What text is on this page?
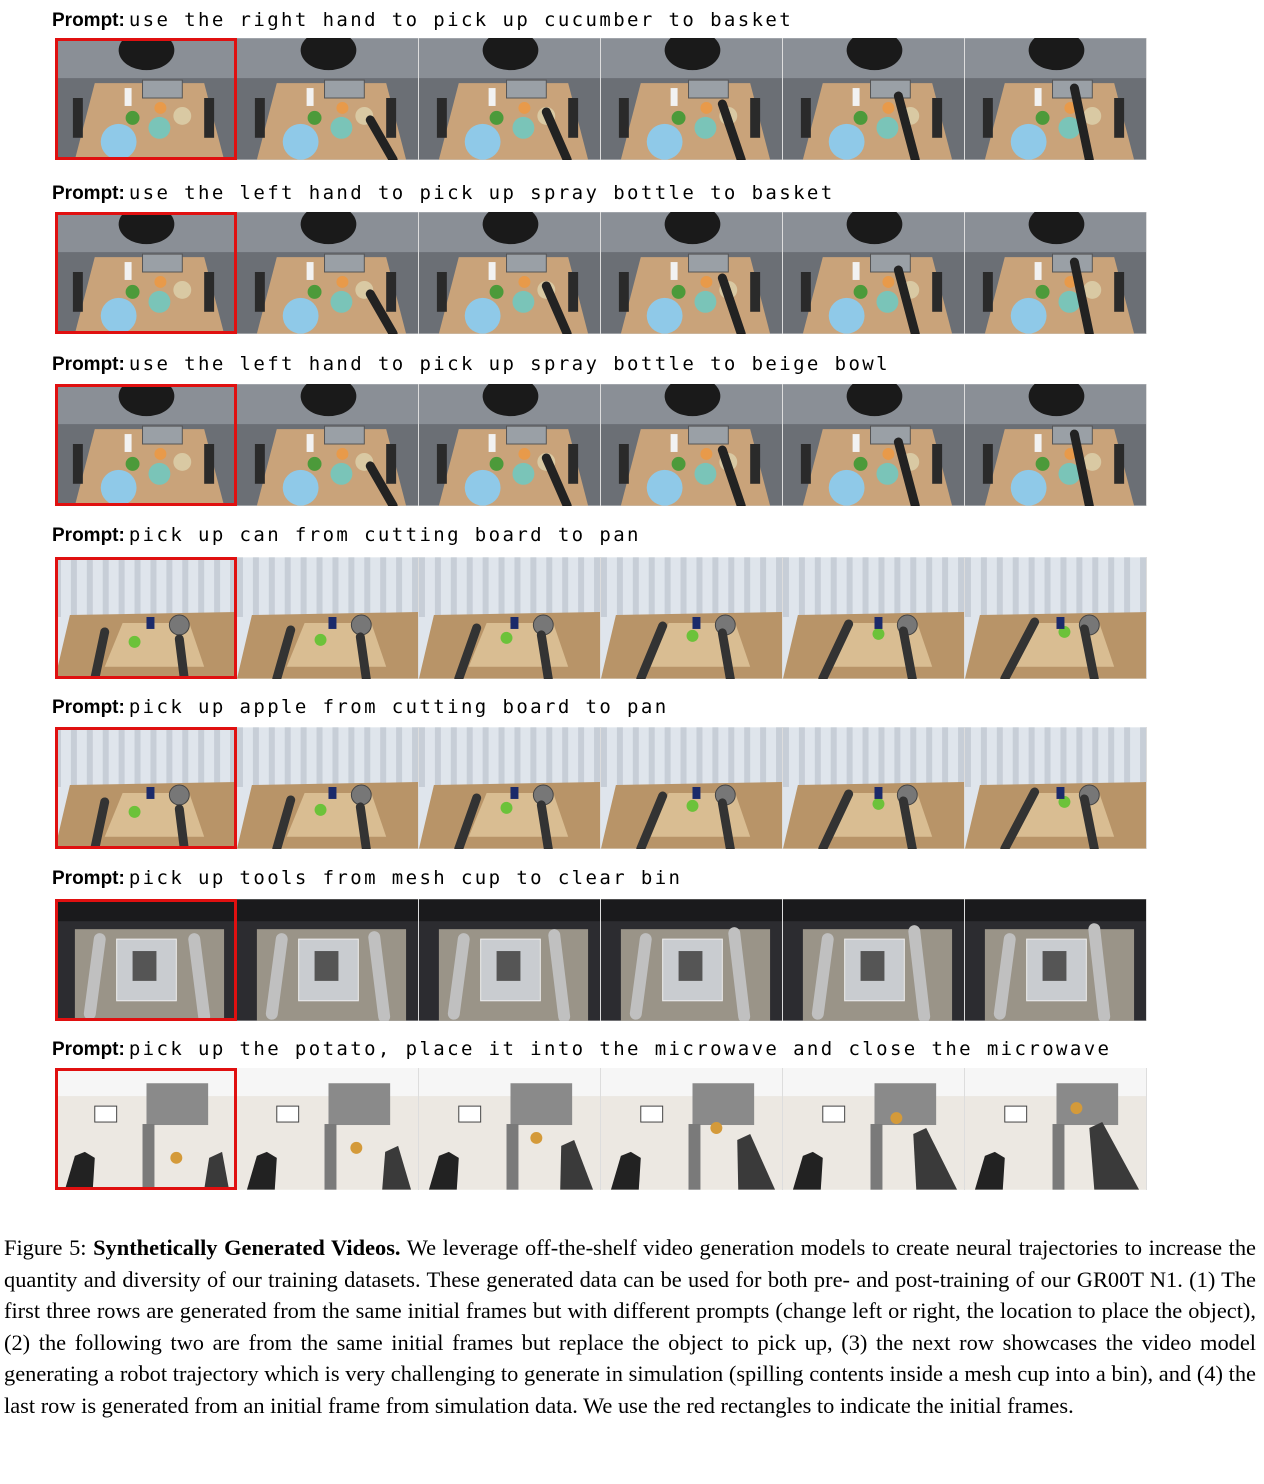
Prompt: use the right hand to pick up cucumber to basket
Prompt: use the left hand to pick up spray bottle to basket
Prompt: use the left hand to pick up spray bottle to beige bowl
Prompt: pick up can from cutting board to pan
Prompt: pick up apple from cutting board to pan
Prompt: pick up tools from mesh cup to clear bin
Prompt: pick up the potato, place it into the microwave and close the microwave
Figure 5: Synthetically Generated Videos. We leverage off-the-shelf video generation models to create neural trajectories to increase the quantity and diversity of our training datasets. These generated data can be used for both pre- and post-training of our GR00T N1. (1) The first three rows are generated from the same initial frames but with different prompts (change left or right, the location to place the object), (2) the following two are from the same initial frames but replace the object to pick up, (3) the next row showcases the video model generating a robot trajectory which is very challenging to generate in simulation (spilling contents inside a mesh cup into a bin), and (4) the last row is generated from an initial frame from simulation data. We use the red rectangles to indicate the initial frames.
